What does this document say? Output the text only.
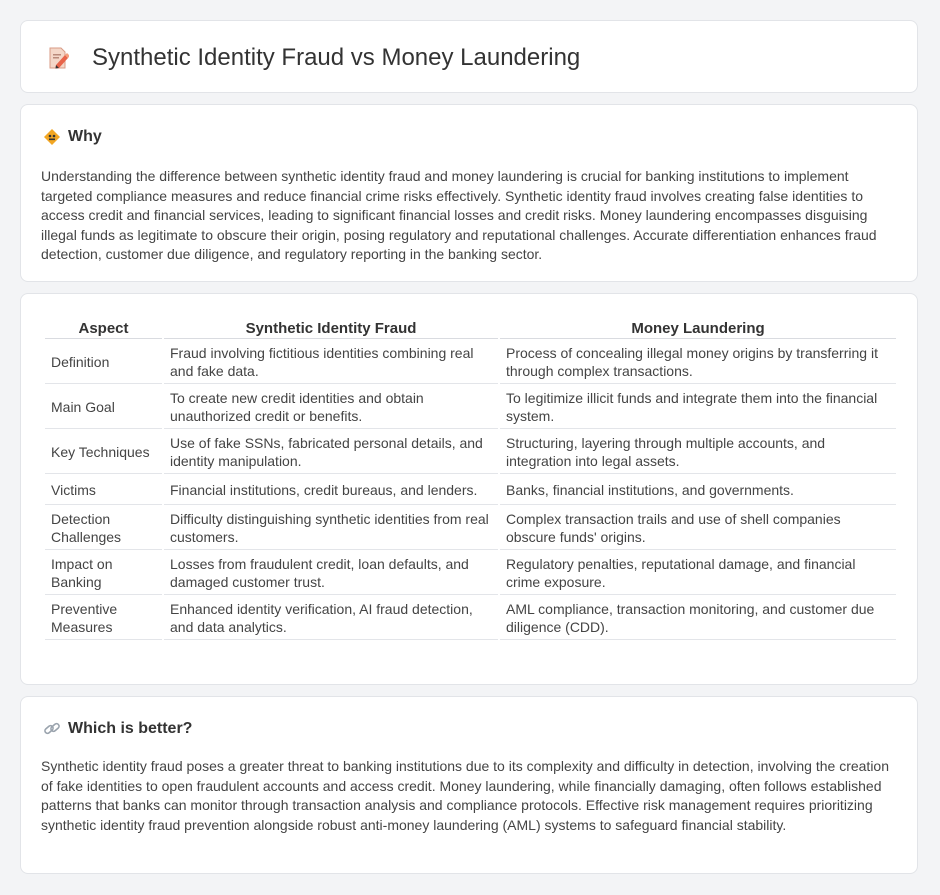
Synthetic Identity Fraud vs Money Laundering
Why

Understanding the difference between synthetic identity fraud and money laundering is crucial for banking institutions to implement targeted compliance measures and reduce financial crime risks effectively. Synthetic identity fraud involves creating false identities to access credit and financial services, leading to significant financial losses and credit risks. Money laundering encompasses disguising illegal funds as legitimate to obscure their origin, posing regulatory and reputational challenges. Accurate differentiation enhances fraud detection, customer due diligence, and regulatory reporting in the banking sector.

Aspect	Synthetic Identity Fraud	Money Laundering
Definition	Fraud involving fictitious identities combining real and fake data.	Process of concealing illegal money origins by transferring it through complex transactions.
Main Goal	To create new credit identities and obtain unauthorized credit or benefits.	To legitimize illicit funds and integrate them into the financial system.
Key Techniques	Use of fake SSNs, fabricated personal details, and identity manipulation.	Structuring, layering through multiple accounts, and integration into legal assets.
Victims	Financial institutions, credit bureaus, and lenders.	Banks, financial institutions, and governments.
Detection Challenges	Difficulty distinguishing synthetic identities from real customers.	Complex transaction trails and use of shell companies obscure funds' origins.
Impact on Banking	Losses from fraudulent credit, loan defaults, and damaged customer trust.	Regulatory penalties, reputational damage, and financial crime exposure.
Preventive Measures	Enhanced identity verification, AI fraud detection, and data analytics.	AML compliance, transaction monitoring, and customer due diligence (CDD).
Which is better?

Synthetic identity fraud poses a greater threat to banking institutions due to its complexity and difficulty in detection, involving the creation of fake identities to open fraudulent accounts and access credit. Money laundering, while financially damaging, often follows established patterns that banks can monitor through transaction analysis and compliance protocols. Effective risk management requires prioritizing synthetic identity fraud prevention alongside robust anti-money laundering (AML) systems to safeguard financial stability.
